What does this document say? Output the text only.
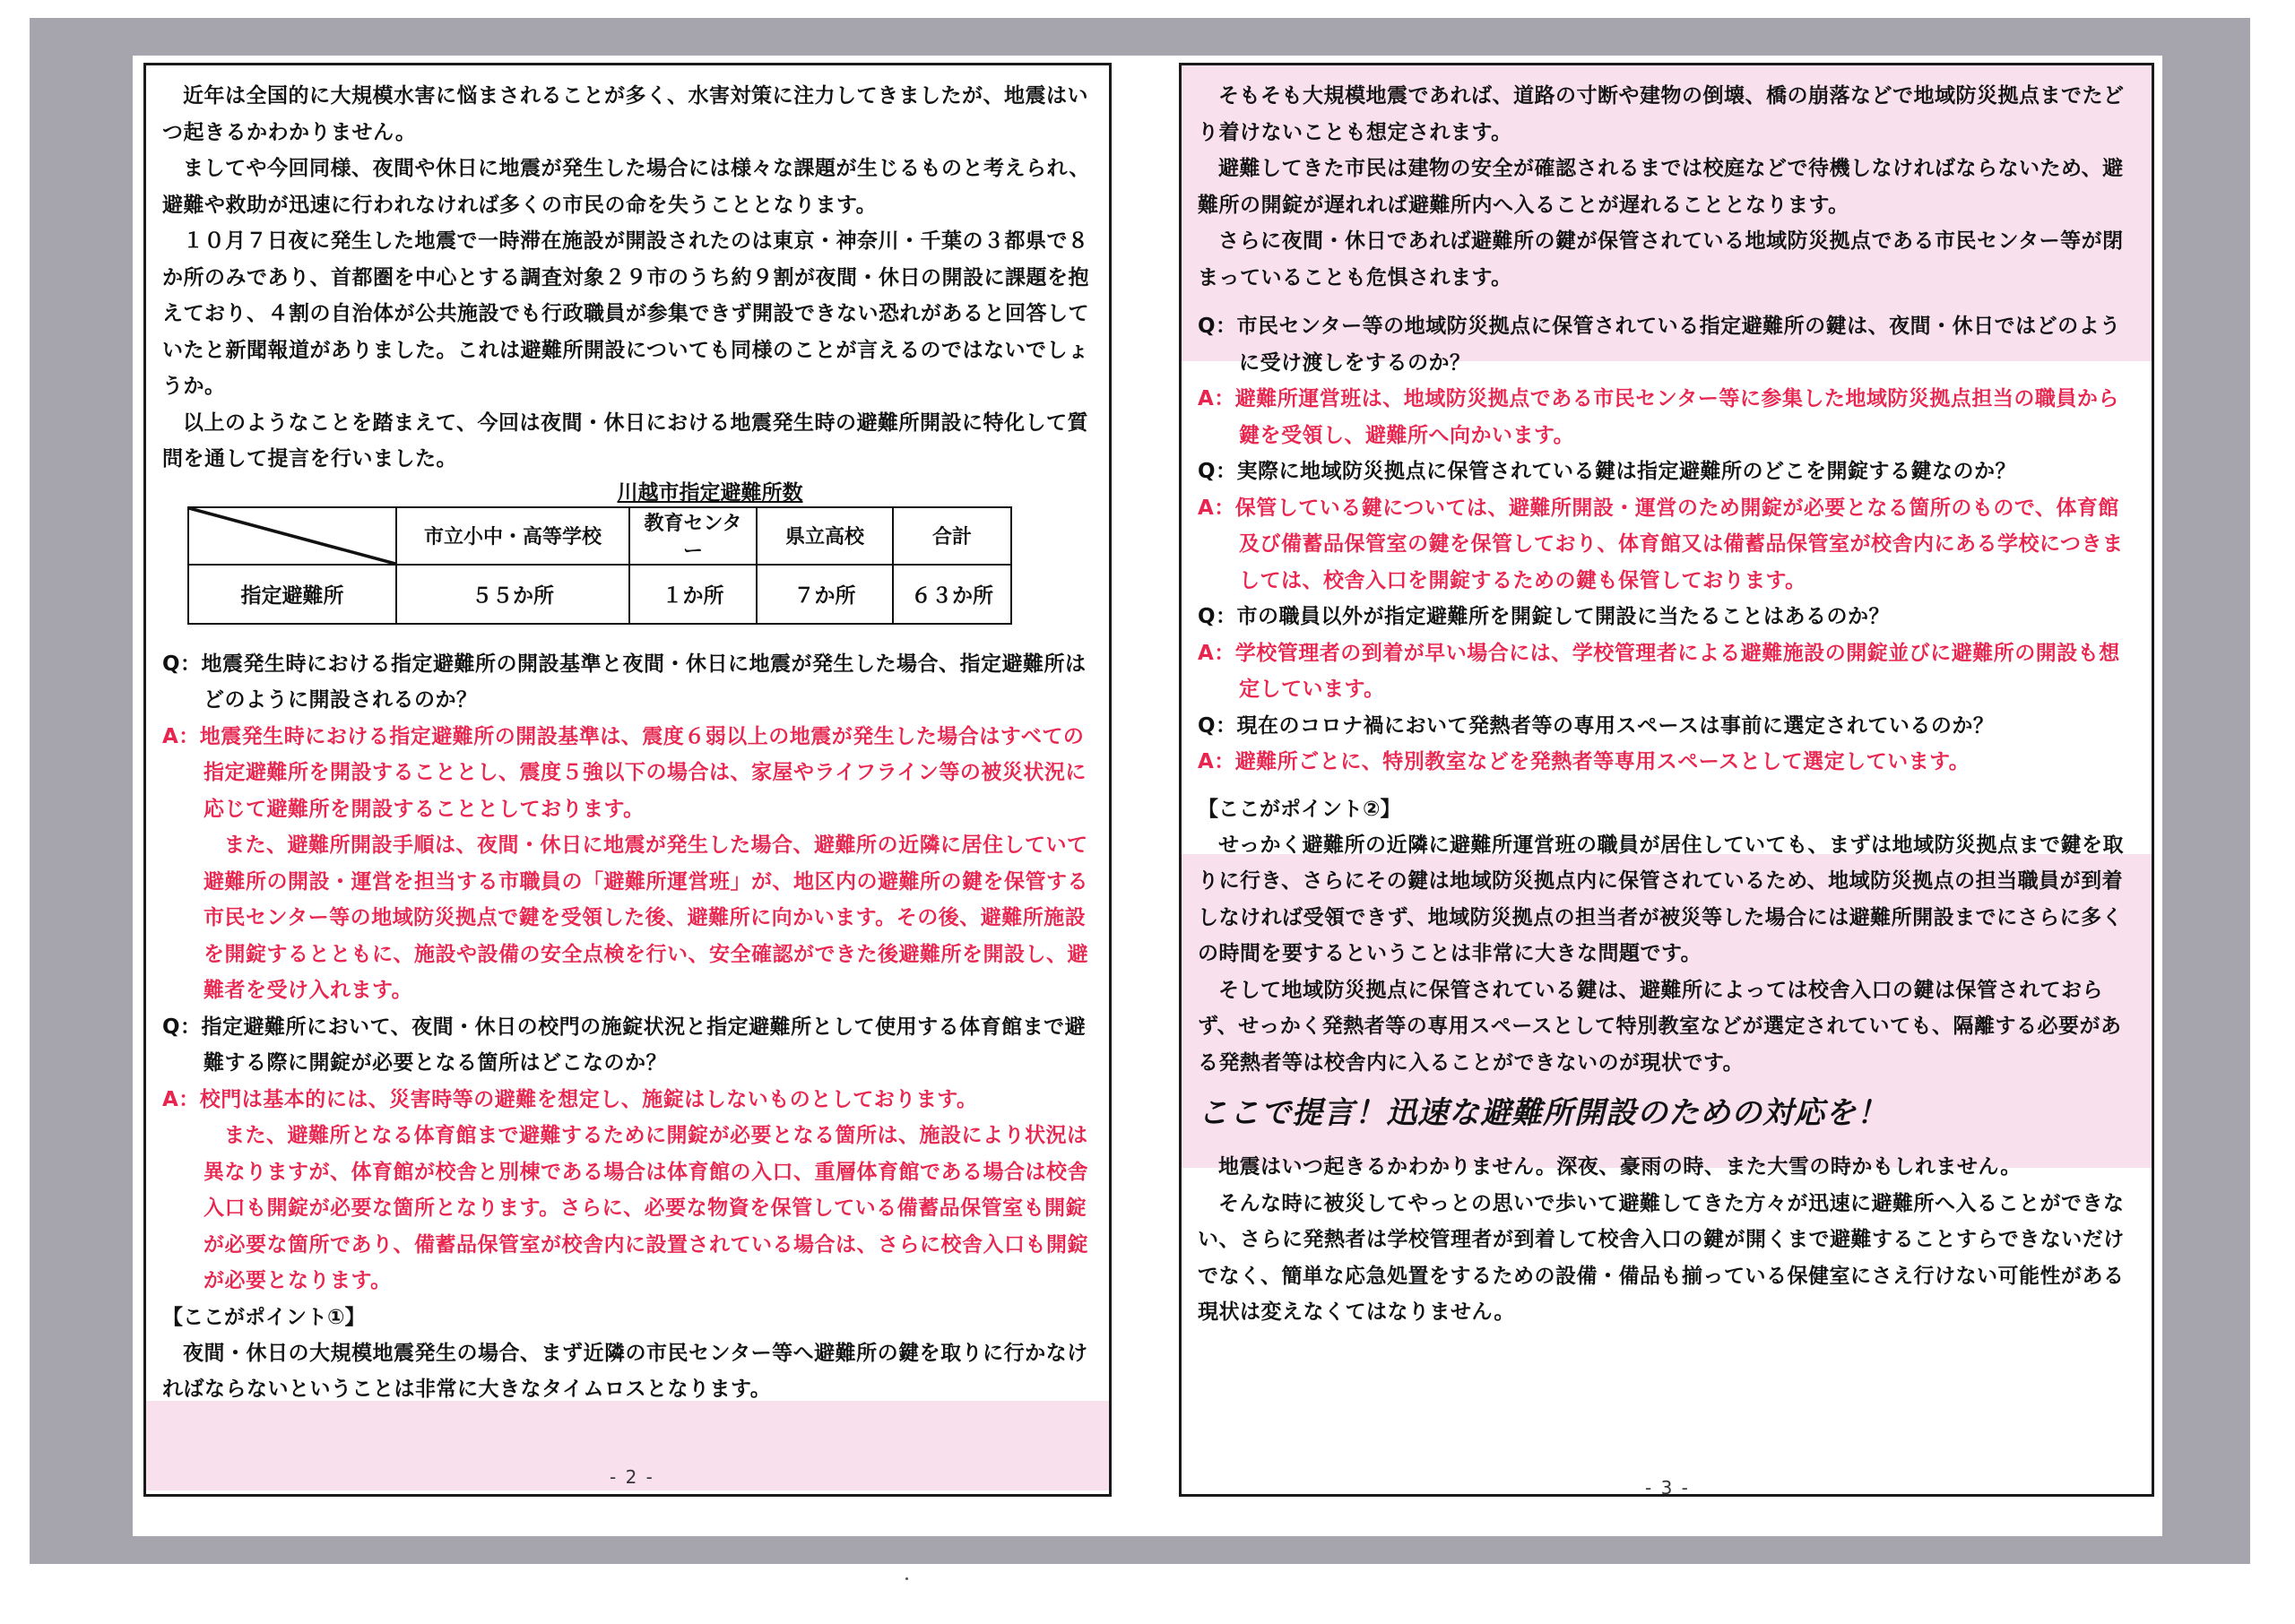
近年は全国的に大規模水害に悩まされることが多く、水害対策に注力してきましたが、地震はいつ起きるかわかりません。

ましてや今回同様、夜間や休日に地震が発生した場合には様々な課題が生じるものと考えられ、避難や救助が迅速に行われなければ多くの市民の命を失うこととなります。

１０月７日夜に発生した地震で一時滞在施設が開設されたのは東京・神奈川・千葉の３都県で８か所のみであり、首都圏を中心とする調査対象２９市のうち約９割が夜間・休日の開設に課題を抱えており、４割の自治体が公共施設でも行政職員が参集できず開設できない恐れがあると回答していたと新聞報道がありました。これは避難所開設についても同様のことが言えるのではないでしょうか。

以上のようなことを踏まえて、今回は夜間・休日における地震発生時の避難所開設に特化して質問を通して提言を行いました。

川越市指定避難所数
	市立小中・高等学校	教育センター	県立高校	合計
指定避難所	５５か所	１か所	７か所	６３か所

Q：地震発生時における指定避難所の開設基準と夜間・休日に地震が発生した場合、指定避難所はどのように開設されるのか？

A：地震発生時における指定避難所の開設基準は、震度６弱以上の地震が発生した場合はすべての指定避難所を開設することとし、震度５強以下の場合は、家屋やライフライン等の被災状況に応じて避難所を開設することとしております。

また、避難所開設手順は、夜間・休日に地震が発生した場合、避難所の近隣に居住していて避難所の開設・運営を担当する市職員の「避難所運営班」が、地区内の避難所の鍵を保管する市民センター等の地域防災拠点で鍵を受領した後、避難所に向かいます。その後、避難所施設を開錠するとともに、施設や設備の安全点検を行い、安全確認ができた後避難所を開設し、避難者を受け入れます。

Q：指定避難所において、夜間・休日の校門の施錠状況と指定避難所として使用する体育館まで避難する際に開錠が必要となる箇所はどこなのか？

A：校門は基本的には、災害時等の避難を想定し、施錠はしないものとしております。

また、避難所となる体育館まで避難するために開錠が必要となる箇所は、施設により状況は異なりますが、体育館が校舎と別棟である場合は体育館の入口、重層体育館である場合は校舎入口も開錠が必要な箇所となります。さらに、必要な物資を保管している備蓄品保管室も開錠が必要な箇所であり、備蓄品保管室が校舎内に設置されている場合は、さらに校舎入口も開錠が必要となります。

【ここがポイント①】

夜間・休日の大規模地震発生の場合、まず近隣の市民センター等へ避難所の鍵を取りに行かなければならないということは非常に大きなタイムロスとなります。

- 2 -

そもそも大規模地震であれば、道路の寸断や建物の倒壊、橋の崩落などで地域防災拠点までたどり着けないことも想定されます。

避難してきた市民は建物の安全が確認されるまでは校庭などで待機しなければならないため、避難所の開錠が遅れれば避難所内へ入ることが遅れることとなります。

さらに夜間・休日であれば避難所の鍵が保管されている地域防災拠点である市民センター等が閉まっていることも危惧されます。

Q：市民センター等の地域防災拠点に保管されている指定避難所の鍵は、夜間・休日ではどのように受け渡しをするのか？

A：避難所運営班は、地域防災拠点である市民センター等に参集した地域防災拠点担当の職員から鍵を受領し、避難所へ向かいます。

Q：実際に地域防災拠点に保管されている鍵は指定避難所のどこを開錠する鍵なのか？

A：保管している鍵については、避難所開設・運営のため開錠が必要となる箇所のもので、体育館及び備蓄品保管室の鍵を保管しており、体育館又は備蓄品保管室が校舎内にある学校につきましては、校舎入口を開錠するための鍵も保管しております。

Q：市の職員以外が指定避難所を開錠して開設に当たることはあるのか？

A：学校管理者の到着が早い場合には、学校管理者による避難施設の開錠並びに避難所の開設も想定しています。

Q：現在のコロナ禍において発熱者等の専用スペースは事前に選定されているのか？

A：避難所ごとに、特別教室などを発熱者等専用スペースとして選定しています。

【ここがポイント②】

せっかく避難所の近隣に避難所運営班の職員が居住していても、まずは地域防災拠点まで鍵を取りに行き、さらにその鍵は地域防災拠点内に保管されているため、地域防災拠点の担当職員が到着しなければ受領できず、地域防災拠点の担当者が被災等した場合には避難所開設までにさらに多くの時間を要するということは非常に大きな問題です。

そして地域防災拠点に保管されている鍵は、避難所によっては校舎入口の鍵は保管されておらず、せっかく発熱者等の専用スペースとして特別教室などが選定されていても、隔離する必要がある発熱者等は校舎内に入ることができないのが現状です。

ここで提言！迅速な避難所開設のための対応を！

地震はいつ起きるかわかりません。深夜、豪雨の時、また大雪の時かもしれません。

そんな時に被災してやっとの思いで歩いて避難してきた方々が迅速に避難所へ入ることができない、さらに発熱者は学校管理者が到着して校舎入口の鍵が開くまで避難することすらできないだけでなく、簡単な応急処置をするための設備・備品も揃っている保健室にさえ行けない可能性がある現状は変えなくてはなりません。

- 3 -
